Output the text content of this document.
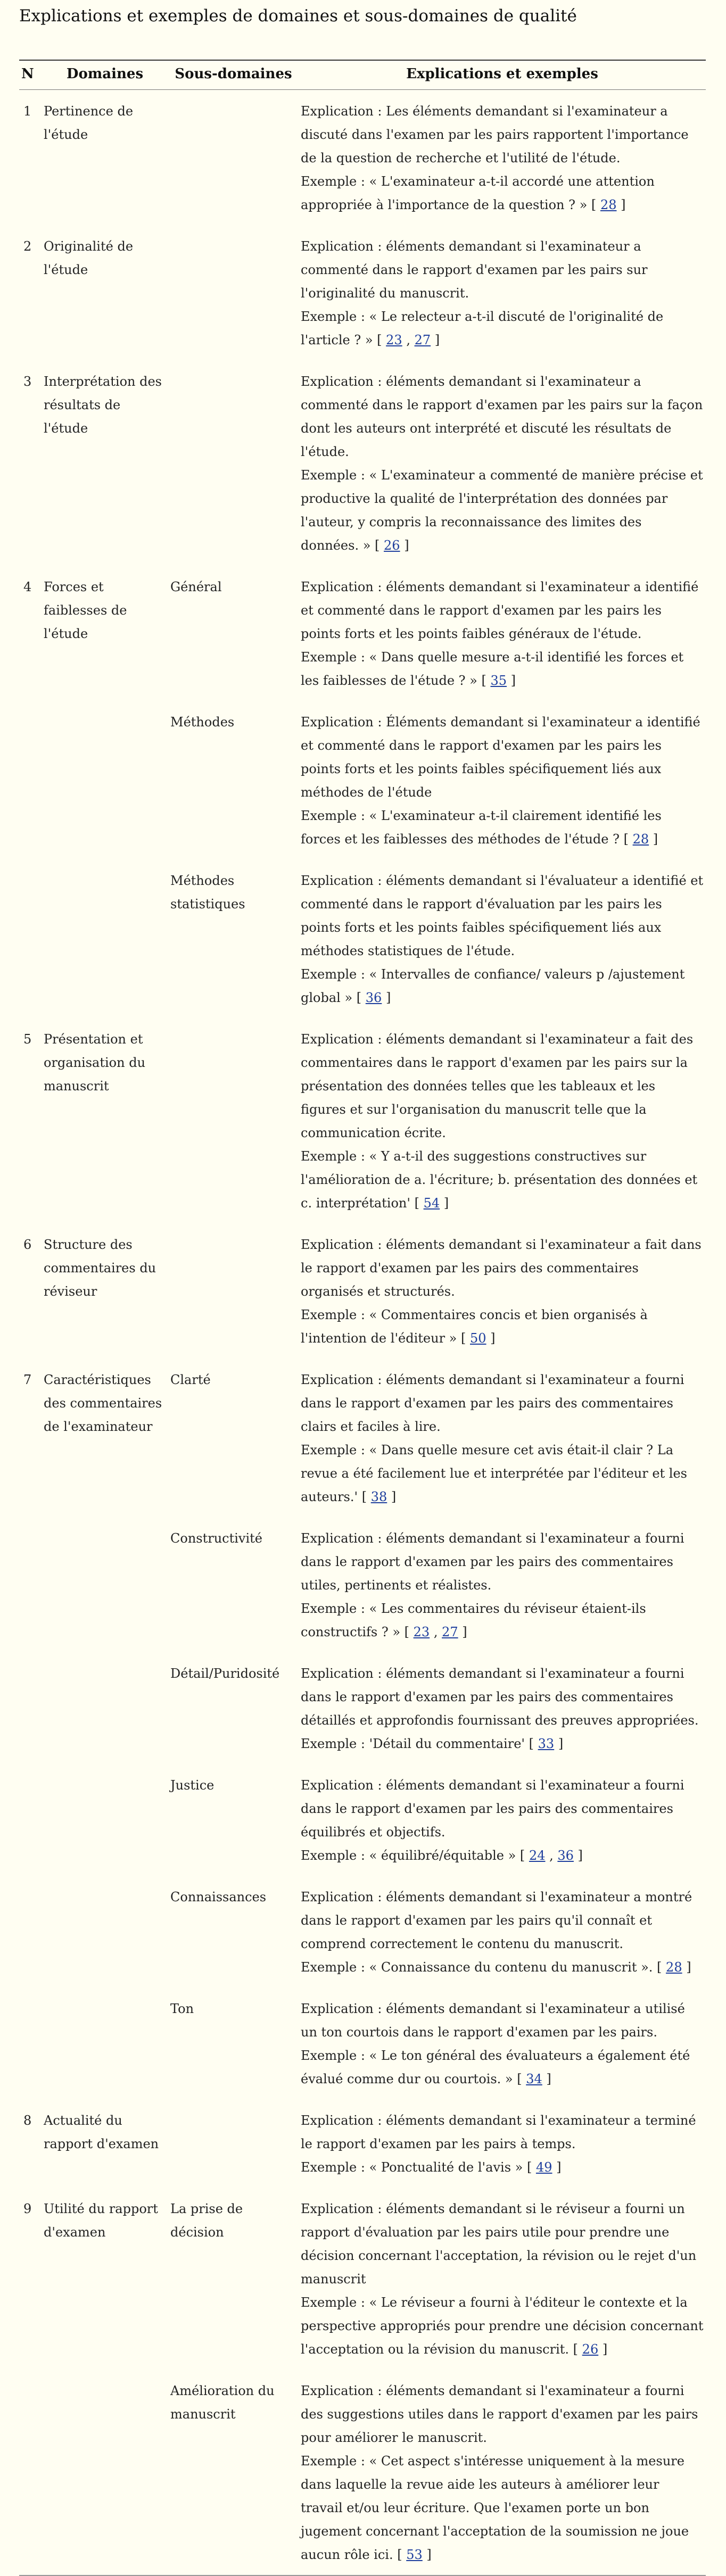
Explications et exemples de domaines et sous-domaines de qualité
N	Domaines	Sous-domaines	Explications et exemples
1	Pertinence de l'étude		Explication : Les éléments demandant si l'examinateur a discuté dans l'examen par les pairs rapportent l'importance de la question de recherche et l'utilité de l'étude.
Exemple : « L'examinateur a-t-il accordé une attention appropriée à l'importance de la question ? » [ 28 ]

2	Originalité de l'étude		Explication : éléments demandant si l'examinateur a commenté dans le rapport d'examen par les pairs sur l'originalité du manuscrit.
Exemple : « Le relecteur a-t-il discuté de l'originalité de l'article ? » [ 23 , 27 ]

3	Interprétation des résultats de l'étude		Explication : éléments demandant si l'examinateur a commenté dans le rapport d'examen par les pairs sur la façon dont les auteurs ont interprété et discuté les résultats de l'étude.
Exemple : « L'examinateur a commenté de manière précise et productive la qualité de l'interprétation des données par l'auteur, y compris la reconnaissance des limites des données. » [ 26 ]

4	Forces et faiblesses de l'étude	Général	Explication : éléments demandant si l'examinateur a identifié et commenté dans le rapport d'examen par les pairs les points forts et les points faibles généraux de l'étude.
Exemple : « Dans quelle mesure a-t-il identifié les forces et les faiblesses de l'étude ? » [ 35 ]

		Méthodes	Explication : Éléments demandant si l'examinateur a identifié et commenté dans le rapport d'examen par les pairs les points forts et les points faibles spécifiquement liés aux méthodes de l'étude
Exemple : « L'examinateur a-t-il clairement identifié les forces et les faiblesses des méthodes de l'étude ? [ 28 ]

		Méthodes statistiques	Explication : éléments demandant si l'évaluateur a identifié et commenté dans le rapport d'évaluation par les pairs les points forts et les points faibles spécifiquement liés aux méthodes statistiques de l'étude.
Exemple : « Intervalles de confiance/ valeurs p /ajustement global » [ 36 ]

5	Présentation et organisation du manuscrit		Explication : éléments demandant si l'examinateur a fait des commentaires dans le rapport d'examen par les pairs sur la présentation des données telles que les tableaux et les figures et sur l'organisation du manuscrit telle que la communication écrite.
Exemple : « Y a-t-il des suggestions constructives sur l'amélioration de a. l'écriture; b. présentation des données et c. interprétation' [ 54 ]

6	Structure des commentaires du réviseur		Explication : éléments demandant si l'examinateur a fait dans le rapport d'examen par les pairs des commentaires organisés et structurés.
Exemple : « Commentaires concis et bien organisés à l'intention de l'éditeur » [ 50 ]

7	Caractéristiques des commentaires de l'examinateur	Clarté	Explication : éléments demandant si l'examinateur a fourni dans le rapport d'examen par les pairs des commentaires clairs et faciles à lire.
Exemple : « Dans quelle mesure cet avis était-il clair ? La revue a été facilement lue et interprétée par l'éditeur et les auteurs.' [ 38 ]

		Constructivité	Explication : éléments demandant si l'examinateur a fourni dans le rapport d'examen par les pairs des commentaires utiles, pertinents et réalistes.
Exemple : « Les commentaires du réviseur étaient-ils constructifs ? » [ 23 , 27 ]

		Détail/Puridosité	Explication : éléments demandant si l'examinateur a fourni dans le rapport d'examen par les pairs des commentaires détaillés et approfondis fournissant des preuves appropriées.
Exemple : 'Détail du commentaire' [ 33 ]

		Justice	Explication : éléments demandant si l'examinateur a fourni dans le rapport d'examen par les pairs des commentaires équilibrés et objectifs.
Exemple : « équilibré/équitable » [ 24 , 36 ]

		Connaissances	Explication : éléments demandant si l'examinateur a montré dans le rapport d'examen par les pairs qu'il connaît et comprend correctement le contenu du manuscrit.
Exemple : « Connaissance du contenu du manuscrit ». [ 28 ]

		Ton	Explication : éléments demandant si l'examinateur a utilisé un ton courtois dans le rapport d'examen par les pairs.
Exemple : « Le ton général des évaluateurs a également été évalué comme dur ou courtois. » [ 34 ]

8	Actualité du rapport d'examen		Explication : éléments demandant si l'examinateur a terminé le rapport d'examen par les pairs à temps.
Exemple : « Ponctualité de l'avis » [ 49 ]

9	Utilité du rapport d'examen	La prise de décision	Explication : éléments demandant si le réviseur a fourni un rapport d'évaluation par les pairs utile pour prendre une décision concernant l'acceptation, la révision ou le rejet d'un manuscrit
Exemple : « Le réviseur a fourni à l'éditeur le contexte et la perspective appropriés pour prendre une décision concernant l'acceptation ou la révision du manuscrit. [ 26 ]

		Amélioration du manuscrit	Explication : éléments demandant si l'examinateur a fourni des suggestions utiles dans le rapport d'examen par les pairs pour améliorer le manuscrit.
Exemple : « Cet aspect s'intéresse uniquement à la mesure dans laquelle la revue aide les auteurs à améliorer leur travail et/ou leur écriture. Que l'examen porte un bon jugement concernant l'acceptation de la soumission ne joue aucun rôle ici. [ 53 ]
